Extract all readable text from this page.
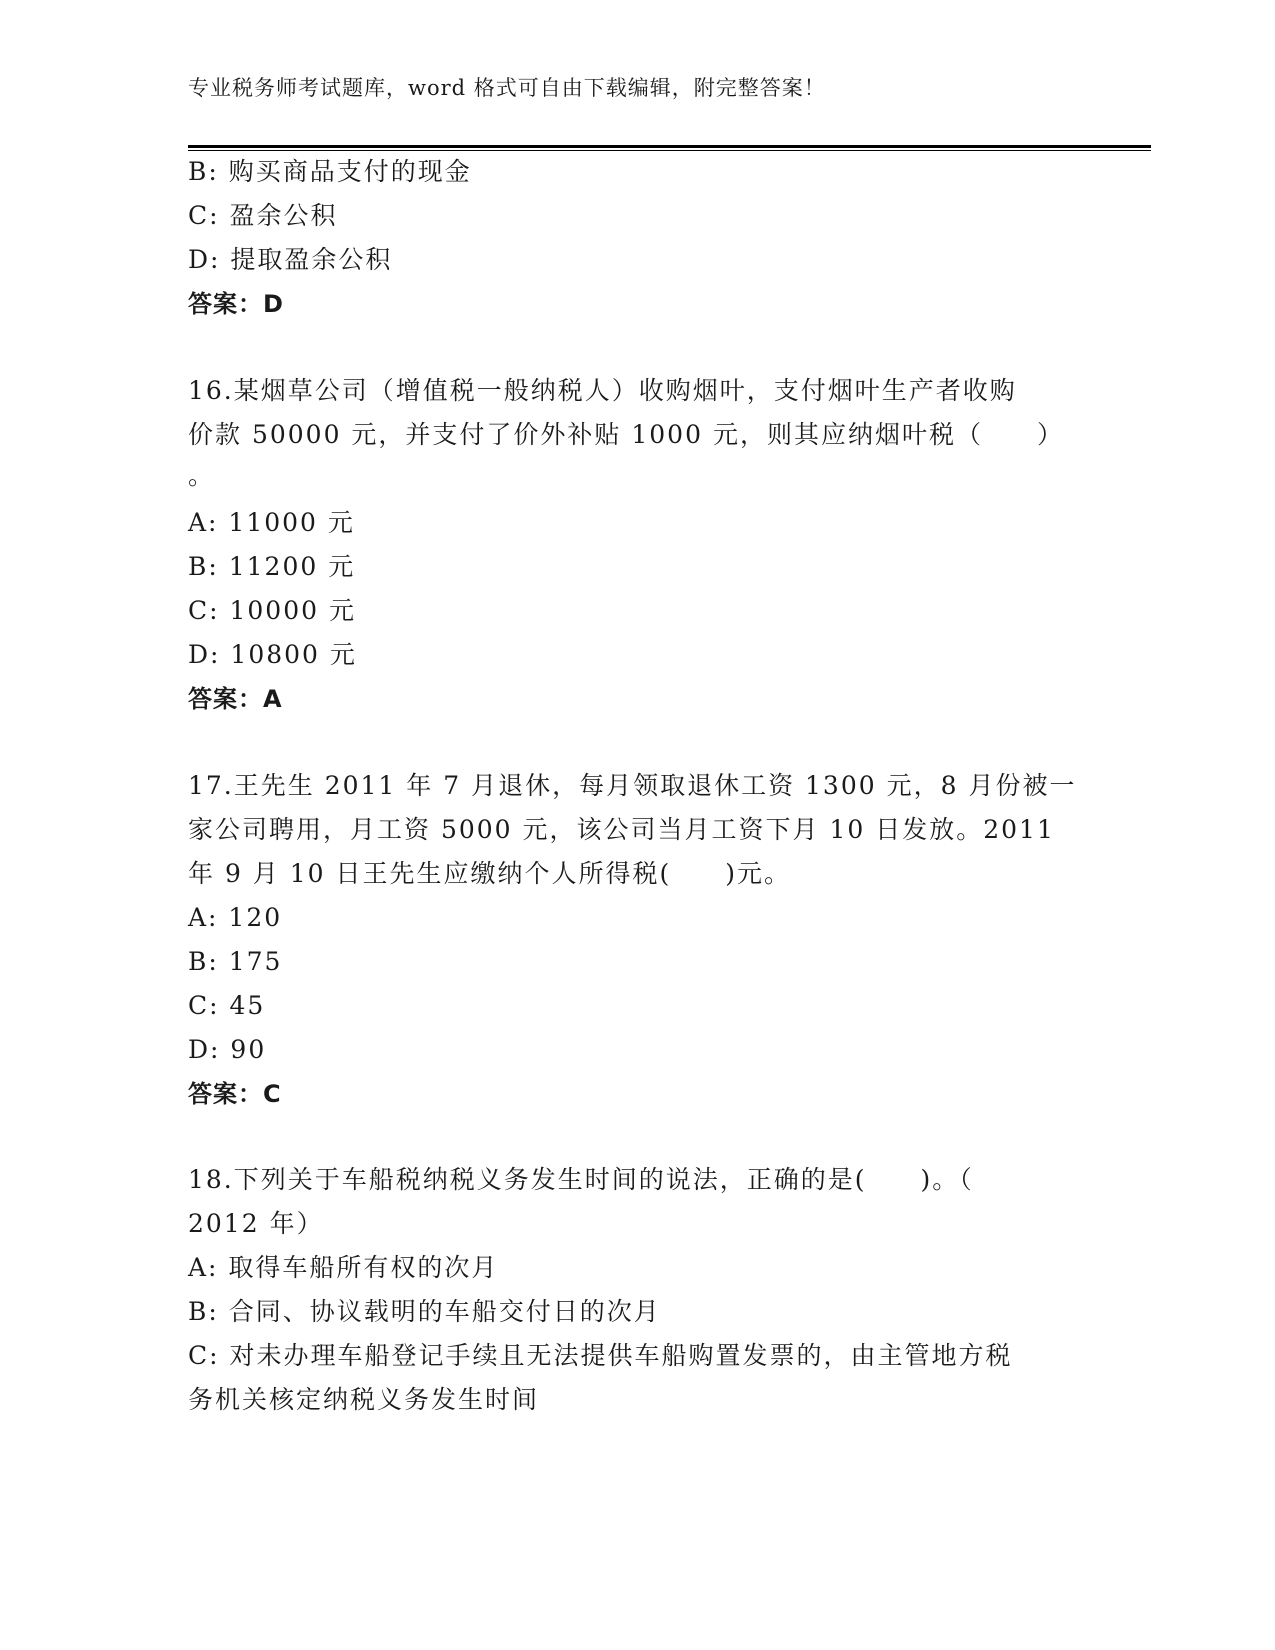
专业税务师考试题库，word 格式可自由下载编辑，附完整答案！
B: 购买商品支付的现金
C: 盈余公积
D: 提取盈余公积
答案：D
16.某烟草公司（增值税一般纳税人）收购烟叶，支付烟叶生产者收购
价款 50000 元，并支付了价外补贴 1000 元，则其应纳烟叶税（　　）
。
A: 11000 元
B: 11200 元
C: 10000 元
D: 10800 元
答案：A
17.王先生 2011 年 7 月退休，每月领取退休工资 1300 元，8 月份被一
家公司聘用，月工资 5000 元，该公司当月工资下月 10 日发放。2011
年 9 月 10 日王先生应缴纳个人所得税(　　)元。
A: 120
B: 175
C: 45
D: 90
答案：C
18.下列关于车船税纳税义务发生时间的说法，正确的是(　　)。（
2012 年）
A: 取得车船所有权的次月
B: 合同、协议载明的车船交付日的次月
C: 对未办理车船登记手续且无法提供车船购置发票的，由主管地方税
务机关核定纳税义务发生时间
